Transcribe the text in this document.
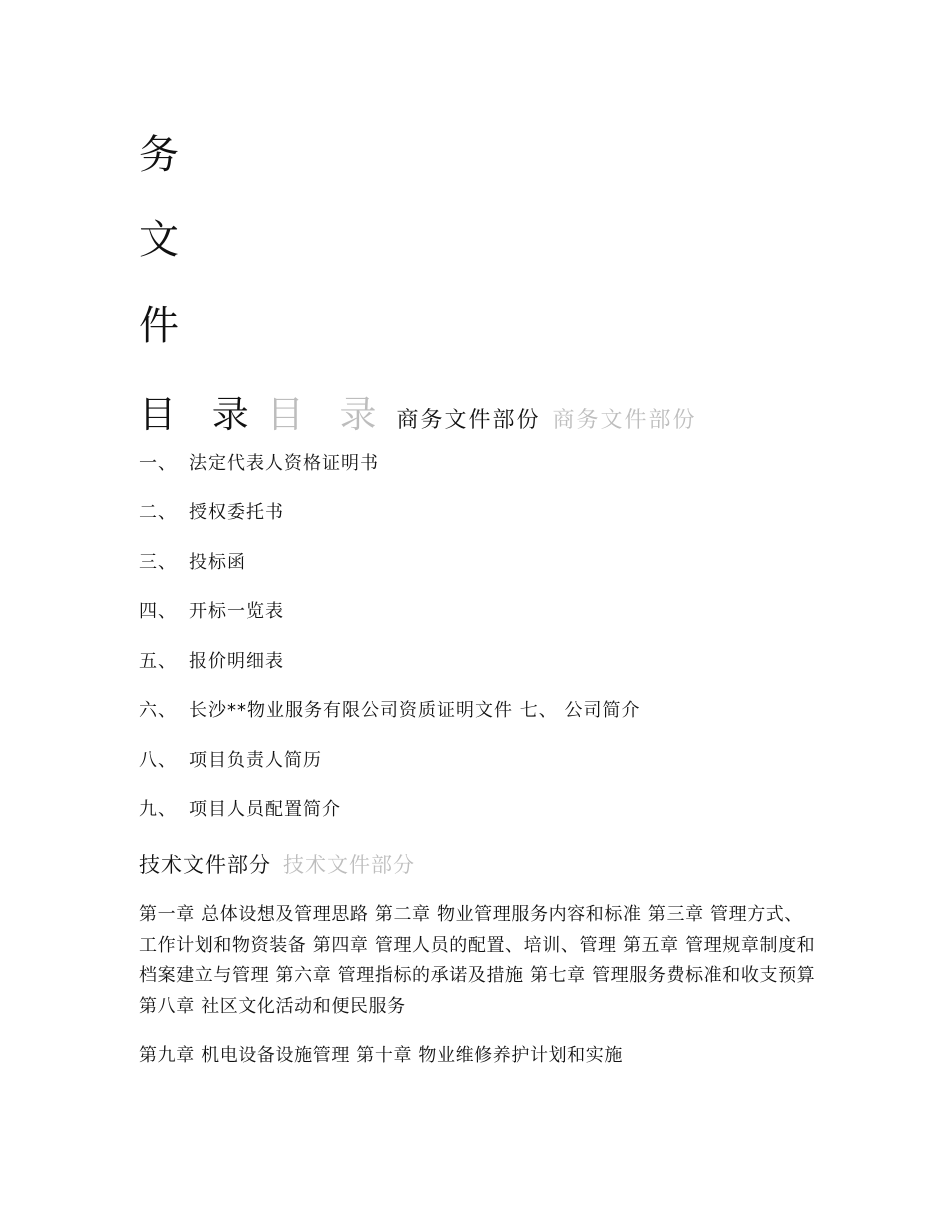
务
文
件
目 录 目 录 商务文件部份 商务文件部份
一、 法定代表人资格证明书
二、 授权委托书
三、 投标函
四、 开标一览表
五、 报价明细表
六、 长沙**物业服务有限公司资质证明文件 七、 公司简介
八、 项目负责人简历
九、 项目人员配置简介
技术文件部分 技术文件部分
第一章 总体设想及管理思路 第二章 物业管理服务内容和标准 第三章 管理方式、工作计划和物资装备 第四章 管理人员的配置、培训、管理 第五章 管理规章制度和档案建立与管理 第六章 管理指标的承诺及措施 第七章 管理服务费标准和收支预算 第八章 社区文化活动和便民服务
第九章 机电设备设施管理 第十章 物业维修养护计划和实施
